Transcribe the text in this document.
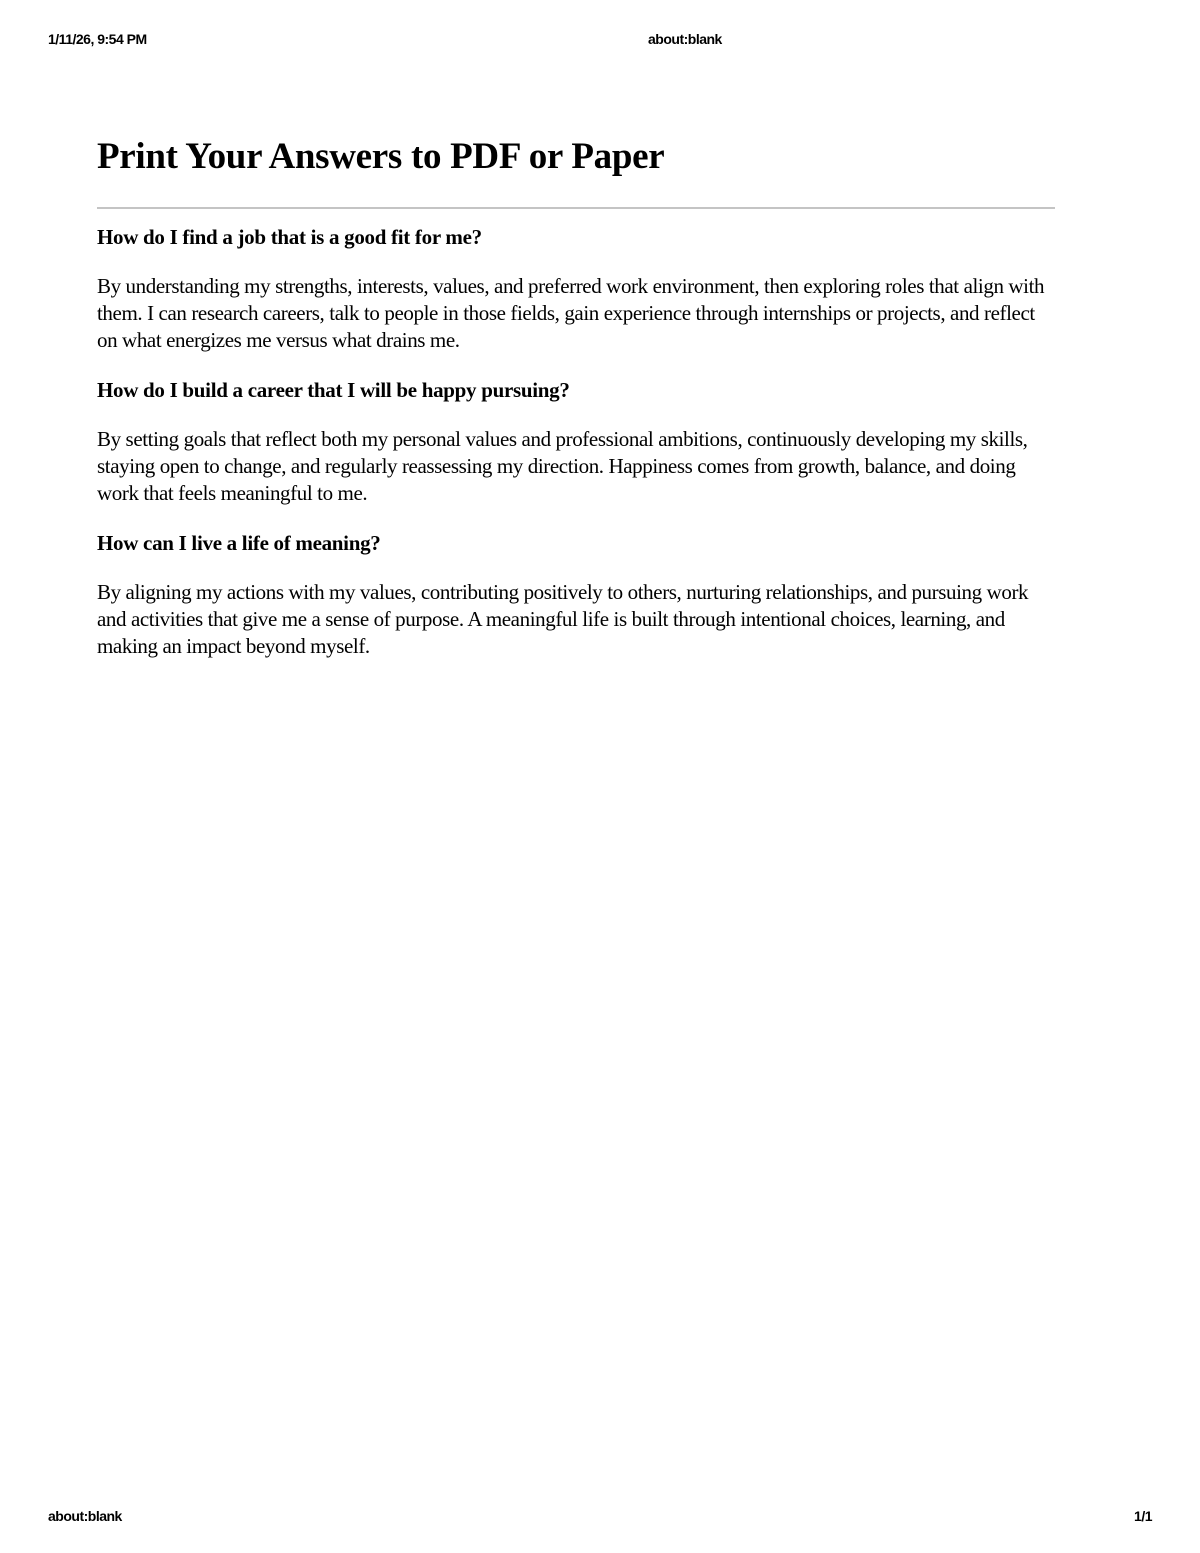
1/11/26, 9:54 PM	about:blank
Print Your Answers to PDF or Paper
How do I find a job that is a good fit for me?

By understanding my strengths, interests, values, and preferred work environment, then exploring roles that align with them. I can research careers, talk to people in those fields, gain experience through internships or projects, and reflect on what energizes me versus what drains me.

How do I build a career that I will be happy pursuing?

By setting goals that reflect both my personal values and professional ambitions, continuously developing my skills, staying open to change, and regularly reassessing my direction. Happiness comes from growth, balance, and doing work that feels meaningful to me.

How can I live a life of meaning?

By aligning my actions with my values, contributing positively to others, nurturing relationships, and pursuing work and activities that give me a sense of purpose. A meaningful life is built through intentional choices, learning, and making an impact beyond myself.

about:blank	1/1
